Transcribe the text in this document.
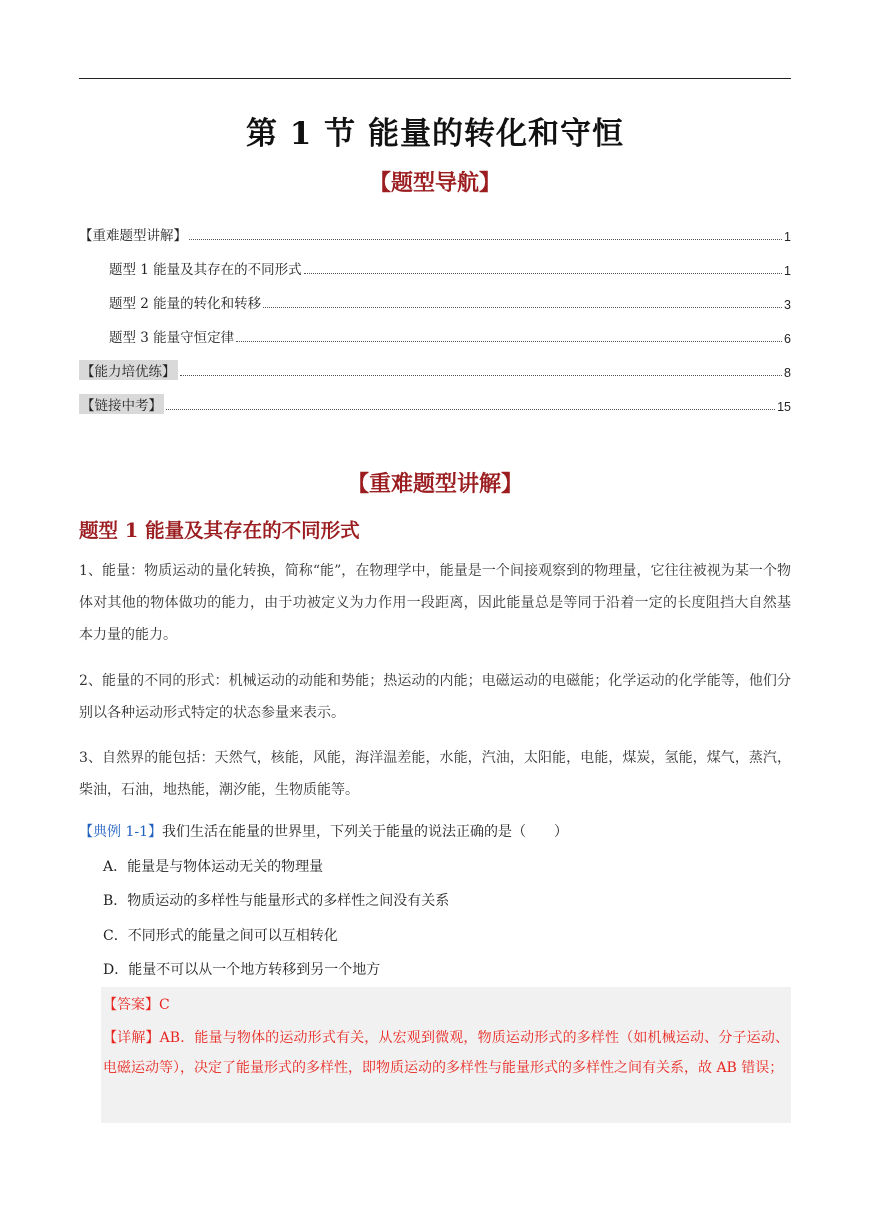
第 1 节 能量的转化和守恒
【题型导航】
【重难题型讲解】	1
题型 1 能量及其存在的不同形式	1
题型 2 能量的转化和转移	3
题型 3 能量守恒定律	6
【能力培优练】	8
【链接中考】	15
【重难题型讲解】
题型 1 能量及其存在的不同形式
1、能量：物质运动的量化转换，简称“能”，在物理学中，能量是一个间接观察到的物理量，它往往被视为某一个物体对其他的物体做功的能力，由于功被定义为力作用一段距离，因此能量总是等同于沿着一定的长度阻挡大自然基本力量的能力。
2、能量的不同的形式：机械运动的动能和势能；热运动的内能；电磁运动的电磁能；化学运动的化学能等，他们分别以各种运动形式特定的状态参量来表示。
3、自然界的能包括：天然气，核能，风能，海洋温差能，水能，汽油，太阳能，电能，煤炭，氢能，煤气，蒸汽，柴油，石油，地热能，潮汐能，生物质能等。
【典例 1-1】我们生活在能量的世界里，下列关于能量的说法正确的是（　　）
A．能量是与物体运动无关的物理量
B．物质运动的多样性与能量形式的多样性之间没有关系
C．不同形式的能量之间可以互相转化
D．能量不可以从一个地方转移到另一个地方
【答案】C
【详解】AB．能量与物体的运动形式有关，从宏观到微观，物质运动形式的多样性（如机械运动、分子运动、电磁运动等），决定了能量形式的多样性，即物质运动的多样性与能量形式的多样性之间有关系，故 AB 错误；
